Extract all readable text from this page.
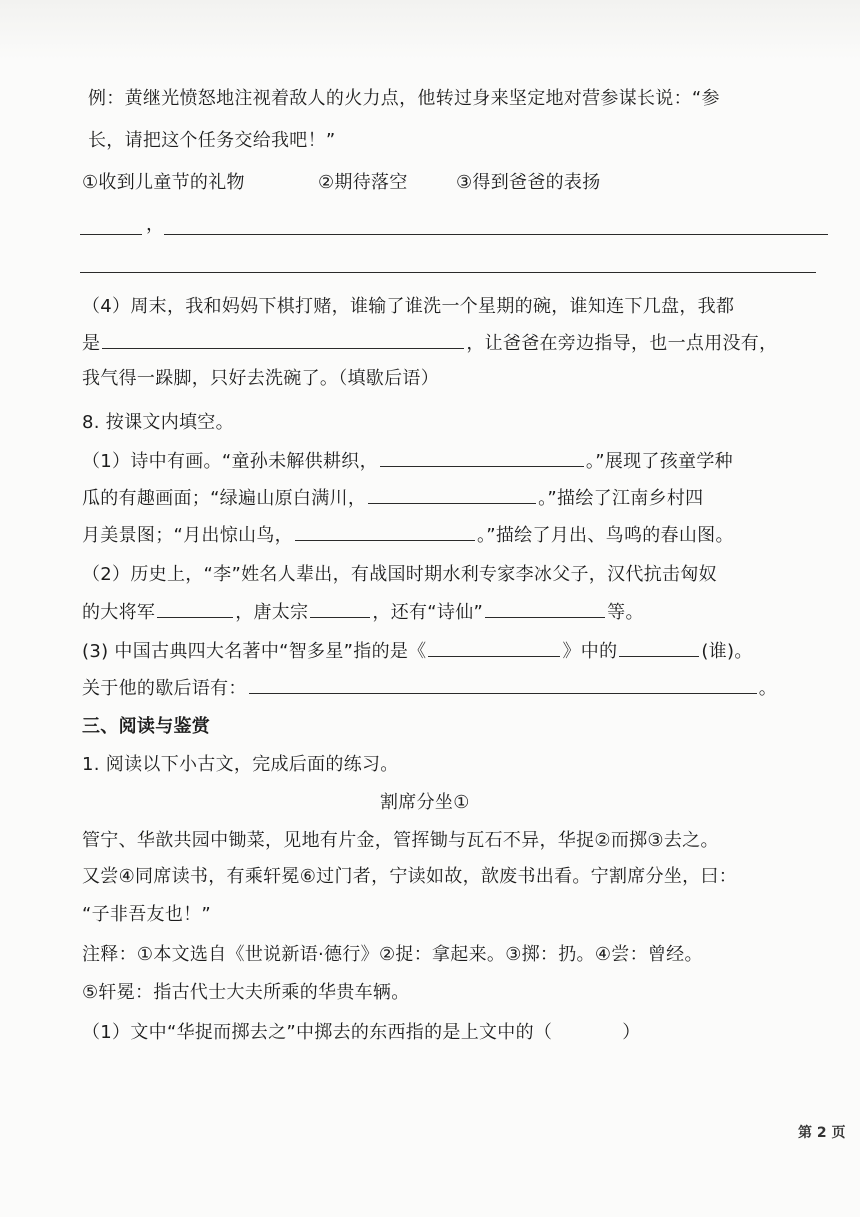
例：黄继光愤怒地注视着敌人的火力点，他转过身来坚定地对营参谋长说：“参
长，请把这个任务交给我吧！”
①收到儿童节的礼物	②期待落空	③得到爸爸的表扬
，
（4）周末，我和妈妈下棋打赌，谁输了谁洗一个星期的碗，谁知连下几盘，我都
是	，让爸爸在旁边指导，也一点用没有，
我气得一跺脚，只好去洗碗了。（填歇后语）
8. 按课文内填空。
（1）诗中有画。“童孙未解供耕织，	。”展现了孩童学种
瓜的有趣画面；“绿遍山原白满川，	。”描绘了江南乡村四
月美景图；“月出惊山鸟，	。”描绘了月出、鸟鸣的春山图。
（2）历史上，“李”姓名人辈出，有战国时期水利专家李冰父子，汉代抗击匈奴
的大将军	，唐太宗	，还有“诗仙”	等。
(3) 中国古典四大名著中“智多星”指的是《	》中的	(谁)。
关于他的歇后语有：	。
三、阅读与鉴赏
1. 阅读以下小古文，完成后面的练习。
割席分坐①
管宁、华歆共园中锄菜，见地有片金，管挥锄与瓦石不异，华捉②而掷③去之。
又尝④同席读书，有乘轩冕⑥过门者，宁读如故，歆废书出看。宁割席分坐，曰：
“子非吾友也！”
注释：①本文选自《世说新语·德行》②捉：拿起来。③掷：扔。④尝：曾经。
⑤轩冕：指古代士大夫所乘的华贵车辆。
（1）文中“华捉而掷去之”中掷去的东西指的是上文中的（	）
第 2 页
